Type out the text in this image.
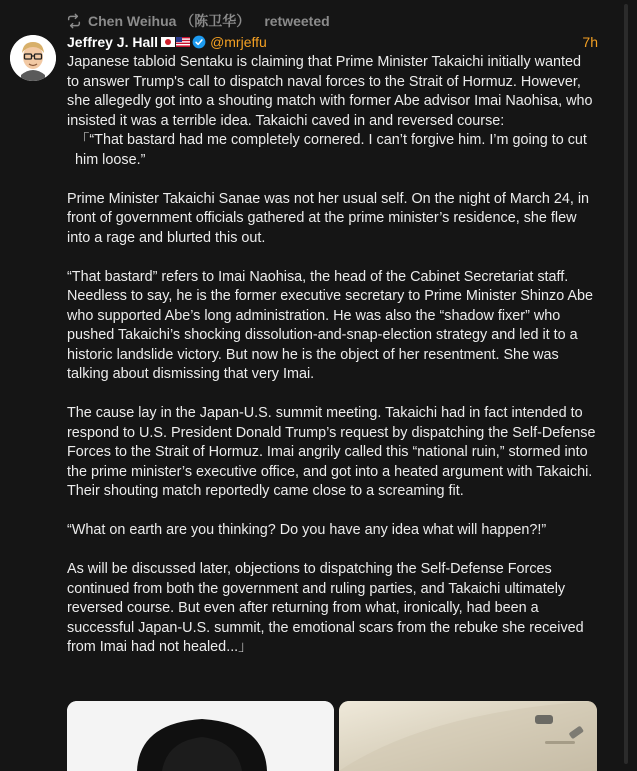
Chen Weihua （陈卫华） retweeted
Jeffrey J. Hall	@mrjeffu	7h

Japanese tabloid Sentaku is claiming that Prime Minister Takaichi initially wanted to answer Trump's call to dispatch naval forces to the Strait of Hormuz. However, she allegedly got into a shouting match with former Abe advisor Imai Naohisa, who insisted it was a terrible idea. Takaichi caved in and reversed course:

「“That bastard had me completely cornered. I can’t forgive him. I’m going to cut him loose.”

Prime Minister Takaichi Sanae was not her usual self. On the night of March 24, in front of government officials gathered at the prime minister’s residence, she flew into a rage and blurted this out.

“That bastard” refers to Imai Naohisa, the head of the Cabinet Secretariat staff. Needless to say, he is the former executive secretary to Prime Minister Shinzo Abe who supported Abe’s long administration. He was also the “shadow fixer” who pushed Takaichi’s shocking dissolution-and-snap-election strategy and led it to a historic landslide victory. But now he is the object of her resentment. She was talking about dismissing that very Imai.

The cause lay in the Japan-U.S. summit meeting. Takaichi had in fact intended to respond to U.S. President Donald Trump’s request by dispatching the Self-Defense Forces to the Strait of Hormuz. Imai angrily called this “national ruin,” stormed into the prime minister’s executive office, and got into a heated argument with Takaichi. Their shouting match reportedly came close to a screaming fit.

“What on earth are you thinking? Do you have any idea what will happen?!”

As will be discussed later, objections to dispatching the Self-Defense Forces continued from both the government and ruling parties, and Takaichi ultimately reversed course. But even after returning from what, ironically, had been a successful Japan-U.S. summit, the emotional scars from the rebuke she received from Imai had not healed...」
